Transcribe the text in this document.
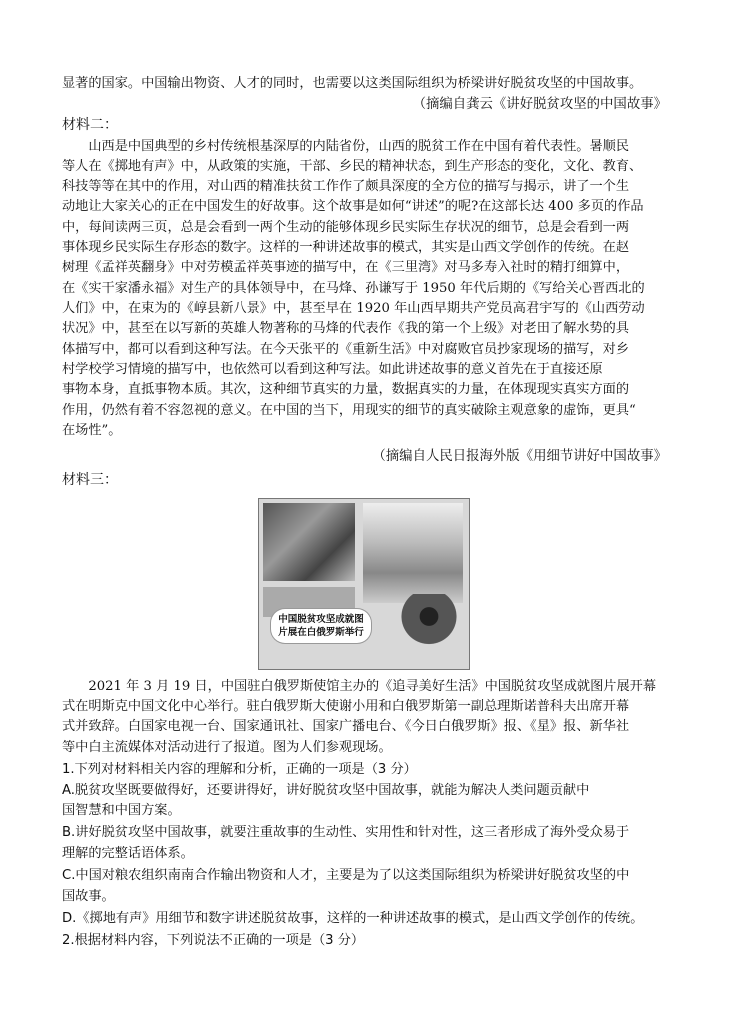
显著的国家。中国输出物资、人才的同时，也需要以这类国际组织为桥梁讲好脱贫攻坚的中国故事。
（摘编自龚云《讲好脱贫攻坚的中国故事》
材料二：
　　山西是中国典型的乡村传统根基深厚的内陆省份，山西的脱贫工作在中国有着代表性。暑顺民
等人在《掷地有声》中，从政策的实施，干部、乡民的精神状态，到生产形态的变化，文化、教育、
科技等等在其中的作用，对山西的精准扶贫工作作了颇具深度的全方位的描写与揭示，讲了一个生
动地让大家关心的正在中国发生的好故事。这个故事是如何“讲述”的呢?在这部长达 400 多页的作品
中，每间读两三页，总是会看到一两个生动的能够体现乡民实际生存状况的细节，总是会看到一两
事体现乡民实际生存形态的数字。这样的一种讲述故事的模式，其实是山西文学创作的传统。在赵
树理《孟祥英翻身》中对劳模孟祥英事迹的描写中，在《三里湾》对马多寿入社时的精打细算中，
在《实干家潘永福》对生产的具体领导中，在马烽、孙谦写于 1950 年代后期的《写给关心晋西北的
人们》中，在束为的《崞县新八景》中，甚至早在 1920 年山西早期共产党员高君宇写的《山西劳动
状况》中，甚至在以写新的英雄人物著称的马烽的代表作《我的第一个上级》对老田了解水势的具
体描写中，都可以看到这种写法。在今天张平的《重新生活》中对腐败官员抄家现场的描写，对乡
村学校学习情境的描写中，也依然可以看到这种写法。如此讲述故事的意义首先在于直接还原
事物本身，直抵事物本质。其次，这种细节真实的力量，数据真实的力量，在体现现实真实方面的
作用，仍然有着不容忽视的意义。在中国的当下，用现实的细节的真实破除主观意象的虚饰，更具“
在场性”。
（摘编自人民日报海外版《用细节讲好中国故事》
材料三：
中国脱贫攻坚成就图片展在白俄罗斯举行
　　2021 年 3 月 19 日，中国驻白俄罗斯使馆主办的《追寻美好生活》中国脱贫攻坚成就图片展开幕
式在明斯克中国文化中心举行。驻白俄罗斯大使谢小用和白俄罗斯第一副总理斯诺普科夫出席开幕
式并致辞。白国家电视一台、国家通讯社、国家广播电台、《今日白俄罗斯》报、《星》报、新华社
等中白主流媒体对活动进行了报道。图为人们参观现场。
1.下列对材料相关内容的理解和分析，正确的一项是（3 分）
A.脱贫攻坚既要做得好，还要讲得好，讲好脱贫攻坚中国故事，就能为解决人类问题贡献中
国智慧和中国方案。
B.讲好脱贫攻坚中国故事，就要注重故事的生动性、实用性和针对性，这三者形成了海外受众易于
理解的完整话语体系。
C.中国对粮农组织南南合作输出物资和人才，主要是为了以这类国际组织为桥梁讲好脱贫攻坚的中
国故事。
D.《掷地有声》用细节和数字讲述脱贫故事，这样的一种讲述故事的模式，是山西文学创作的传统。
2.根据材料内容，下列说法不正确的一项是（3 分）
